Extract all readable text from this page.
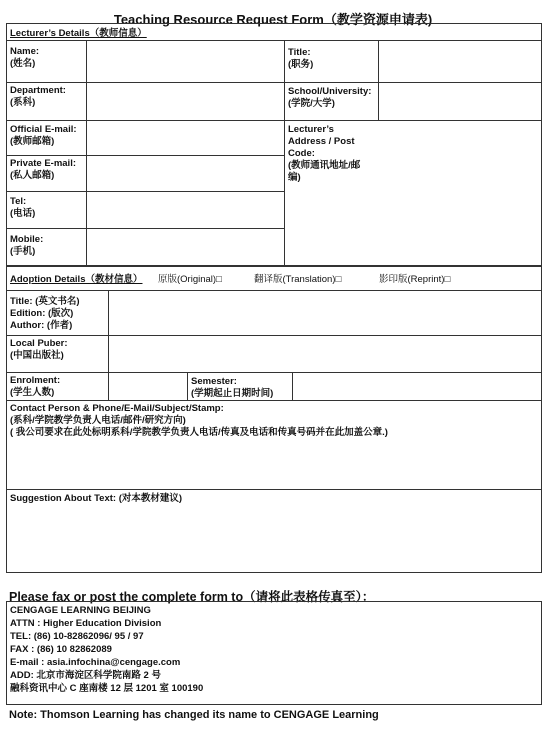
Teaching Resource Request Form（教学资源申请表)
Lecturer’s Details（教师信息）
Name:
(姓名)
Title:
(职务)
Department:
(系科)
School/University:
(学院/大学)
Official E-mail:
(教师邮箱)
Private E-mail:
(私人邮箱)
Tel:
(电话)
Mobile:
(手机)
Lecturer’s
Address / Post
Code:
(教师通讯地址/邮
编)
Adoption Details（教材信息） 原版(Original)□	翻译版(Translation)□	影印版(Reprint)□
Title: (英文书名)
Edition: (版次)
Author: (作者)
Local Puber:
(中国出版社)
Enrolment:
(学生人数)
Semester:
(学期起止日期时间)
Contact Person & Phone/E-Mail/Subject/Stamp:
(系科/学院教学负责人电话/邮件/研究方向)
( 我公司要求在此处标明系科/学院教学负责人电话/传真及电话和传真号码并在此加盖公章.)
Suggestion About Text: (对本教材建议)
Please fax or post the complete form to（请将此表格传真至）：
CENGAGE LEARNING BEIJING
ATTN : Higher Education Division
TEL: (86) 10-82862096/ 95 / 97
FAX : (86) 10 82862089
E-mail : asia.infochina@cengage.com
ADD: 北京市海淀区科学院南路 2 号
融科资讯中心 C 座南楼 12 层 1201 室 100190
Note: Thomson Learning has changed its name to CENGAGE Learning
